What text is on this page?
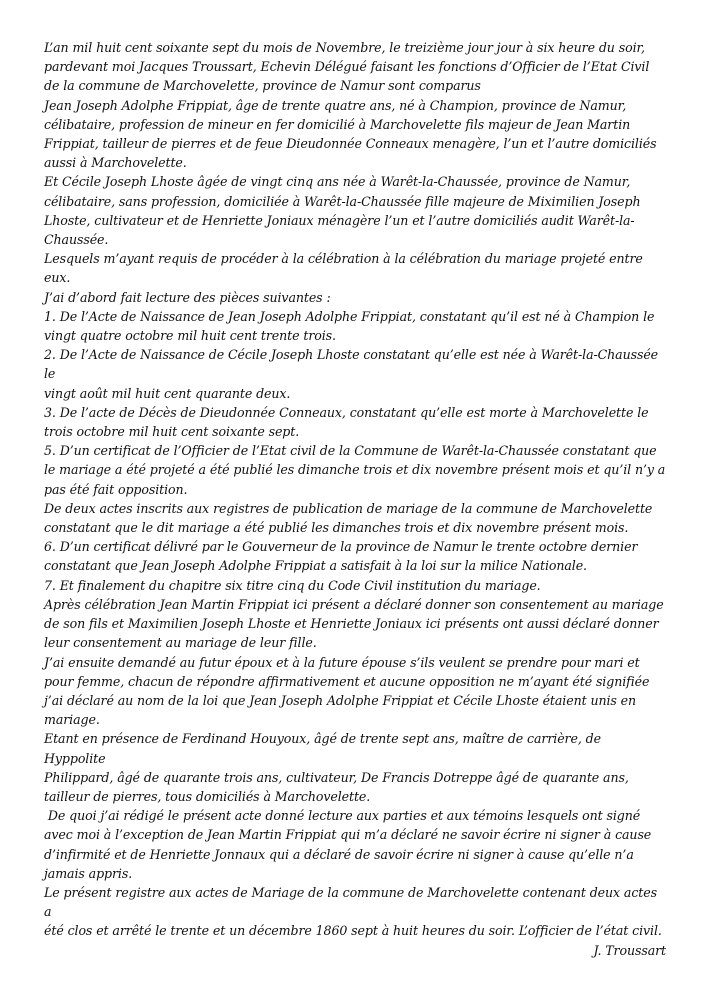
L’an mil huit cent soixante sept du mois de Novembre, le treizième jour jour à six heure du soir,
pardevant moi Jacques Troussart, Echevin Délégué faisant les fonctions d’Officier de l’Etat Civil
de la commune de Marchovelette, province de Namur sont comparus

Jean Joseph Adolphe Frippiat, âge de trente quatre ans, né à Champion, province de Namur,
célibataire, profession de mineur en fer domicilié à Marchovelette fils majeur de Jean Martin
Frippiat, tailleur de pierres et de feue Dieudonnée Conneaux menagère, l’un et l’autre domiciliés
aussi à Marchovelette.

Et Cécile Joseph Lhoste âgée de vingt cinq ans née à Warêt-la-Chaussée, province de Namur,
célibataire, sans profession, domiciliée à Warêt-la-Chaussée fille majeure de Miximilien Joseph
Lhoste, cultivateur et de Henriette Joniaux ménagère l’un et l’autre domiciliés audit Warêt-la-
Chaussée.

Lesquels m’ayant requis de procéder à la célébration à la célébration du mariage projeté entre eux.

J’ai d’abord fait lecture des pièces suivantes :

1. De l’Acte de Naissance de Jean Joseph Adolphe Frippiat, constatant qu’il est né à Champion le
vingt quatre octobre mil huit cent trente trois.

2. De l’Acte de Naissance de Cécile Joseph Lhoste constatant qu’elle est née à Warêt-la-Chaussée le
vingt août mil huit cent quarante deux.

3. De l’acte de Décès de Dieudonnée Conneaux, constatant qu’elle est morte à Marchovelette le
trois octobre mil huit cent soixante sept.

5. D’un certificat de l’Officier de l’Etat civil de la Commune de Warêt-la-Chaussée constatant que
le mariage a été projeté a été publié les dimanche trois et dix novembre présent mois et qu’il n’y a
pas été fait opposition.

De deux actes inscrits aux registres de publication de mariage de la commune de Marchovelette
constatant que le dit mariage a été publié les dimanches trois et dix novembre présent mois.

6. D’un certificat délivré par le Gouverneur de la province de Namur le trente octobre dernier
constatant que Jean Joseph Adolphe Frippiat a satisfait à la loi sur la milice Nationale.

7. Et finalement du chapitre six titre cinq du Code Civil institution du mariage.

Après célébration Jean Martin Frippiat ici présent a déclaré donner son consentement au mariage
de son fils et Maximilien Joseph Lhoste et Henriette Joniaux ici présents ont aussi déclaré donner
leur consentement au mariage de leur fille.

J’ai ensuite demandé au futur époux et à la future épouse s’ils veulent se prendre pour mari et
pour femme, chacun de répondre affirmativement et aucune opposition ne m’ayant été signifiée
j’ai déclaré au nom de la loi que Jean Joseph Adolphe Frippiat et Cécile Lhoste étaient unis en
mariage.

Etant en présence de Ferdinand Houyoux, âgé de trente sept ans, maître de carrière, de Hyppolite
Philippard, âgé de quarante trois ans, cultivateur, De Francis Dotreppe âgé de quarante ans,
tailleur de pierres, tous domiciliés à Marchovelette.

De quoi j’ai rédigé le présent acte donné lecture aux parties et aux témoins lesquels ont signé
avec moi à l’exception de Jean Martin Frippiat qui m’a déclaré ne savoir écrire ni signer à cause
d’infirmité et de Henriette Jonnaux qui a déclaré de savoir écrire ni signer à cause qu’elle n’a
jamais appris.

Le présent registre aux actes de Mariage de la commune de Marchovelette contenant deux actes a
été clos et arrêté le trente et un décembre 1860 sept à huit heures du soir. L’officier de l’état civil.

J. Troussart
